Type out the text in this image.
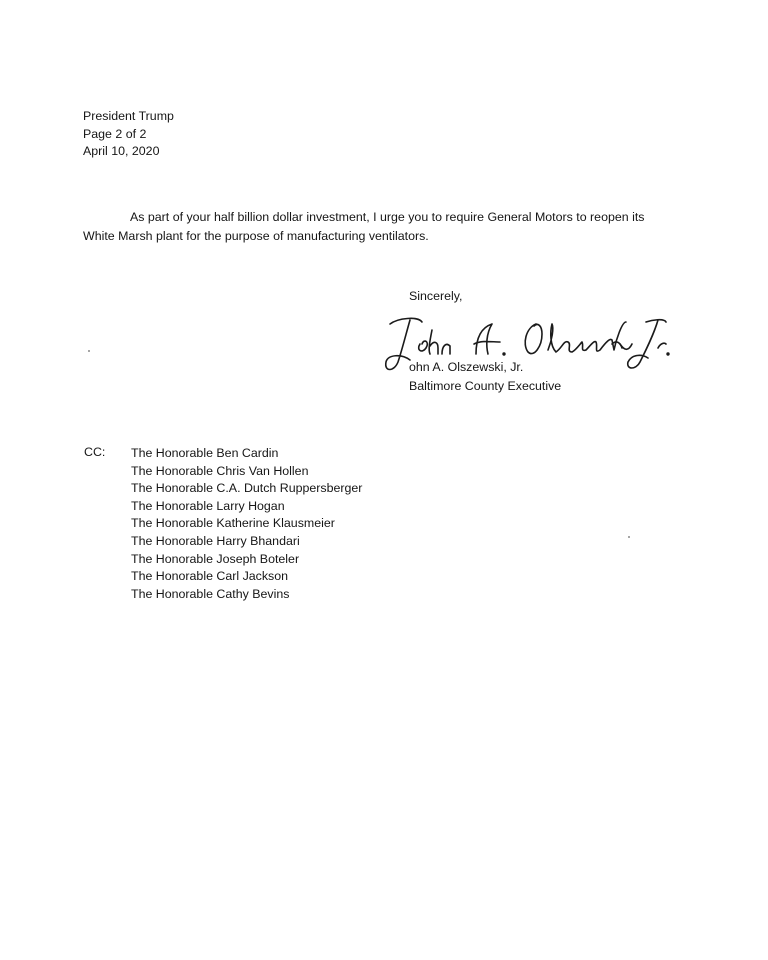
President Trump
Page 2 of 2
April 10, 2020
As part of your half billion dollar investment, I urge you to require General Motors to reopen its
White Marsh plant for the purpose of manufacturing ventilators.
Sincerely,
ohn A. Olszewski, Jr.
Baltimore County Executive
CC: The Honorable Ben Cardin
The Honorable Chris Van Hollen
The Honorable C.A. Dutch Ruppersberger
The Honorable Larry Hogan
The Honorable Katherine Klausmeier
The Honorable Harry Bhandari
The Honorable Joseph Boteler
The Honorable Carl Jackson
The Honorable Cathy Bevins
